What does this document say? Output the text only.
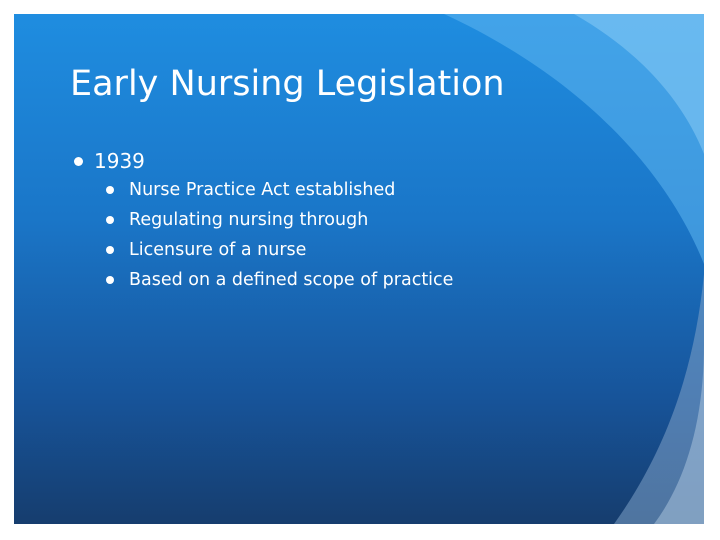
Early Nursing Legislation
1939
Nurse Practice Act established
Regulating nursing through
Licensure of a nurse
Based on a defined scope of practice
